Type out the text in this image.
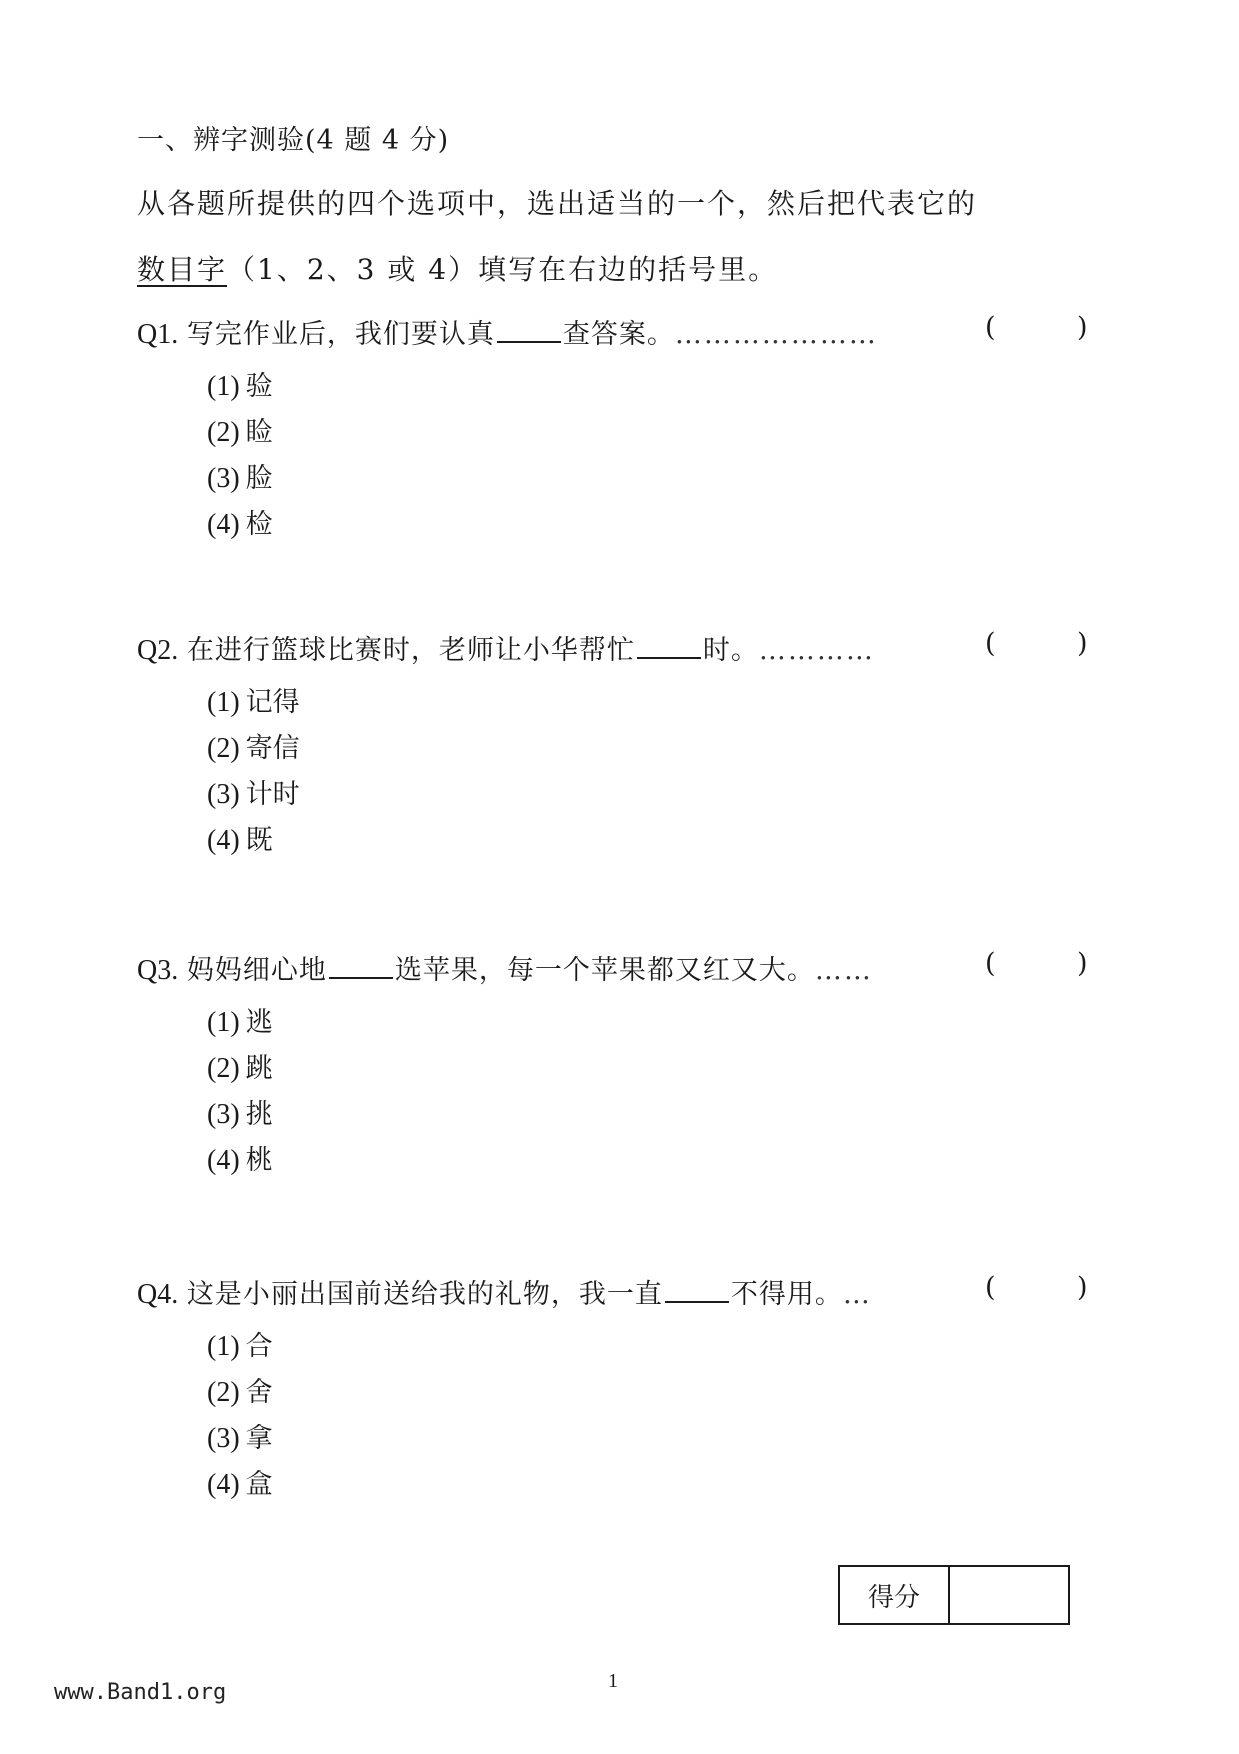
一、辨字测验(4 题 4 分)
从各题所提供的四个选项中，选出适当的一个，然后把代表它的
数目字（1、2、3 或 4）填写在右边的括号里。
Q1. 写完作业后，我们要认真	查答案。…………………	(	)
(1) 验
(2) 睑
(3) 脸
(4) 检
Q2. 在进行篮球比赛时，老师让小华帮忙	时。…………	(	)
(1) 记得
(2) 寄信
(3) 计时
(4) 既
Q3. 妈妈细心地	选苹果，每一个苹果都又红又大。……	(	)
(1) 逃
(2) 跳
(3) 挑
(4) 桃
Q4. 这是小丽出国前送给我的礼物，我一直	不得用。…	(	)
(1) 合
(2) 舍
(3) 拿
(4) 盒
得分
1
www.Band1.org
